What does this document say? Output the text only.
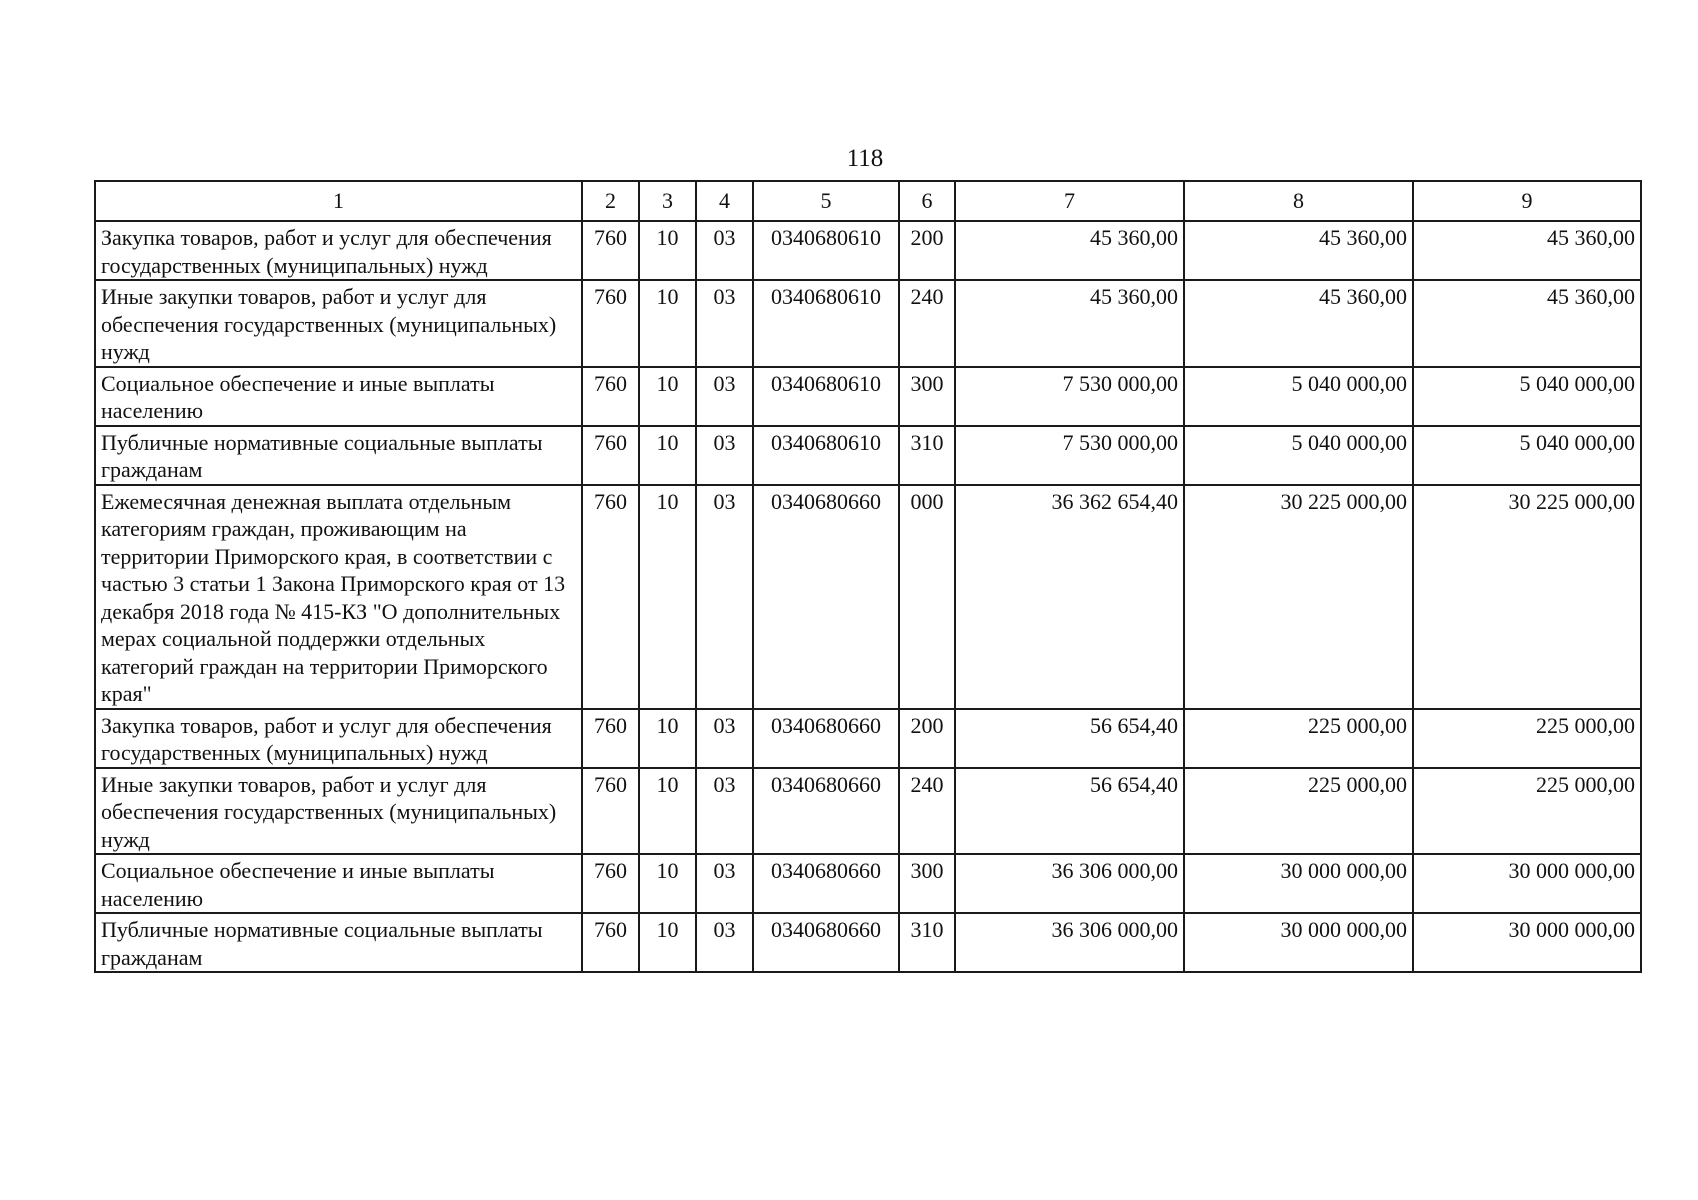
118
1	2	3	4	5	6	7	8	9
Закупка товаров, работ и услуг для обеспечения государственных (муниципальных) нужд	760	10	03	0340680610	200	45 360,00	45 360,00	45 360,00
Иные закупки товаров, работ и услуг для обеспечения государственных (муниципальных) нужд	760	10	03	0340680610	240	45 360,00	45 360,00	45 360,00
Социальное обеспечение и иные выплаты населению	760	10	03	0340680610	300	7 530 000,00	5 040 000,00	5 040 000,00
Публичные нормативные социальные выплаты гражданам	760	10	03	0340680610	310	7 530 000,00	5 040 000,00	5 040 000,00
Ежемесячная денежная выплата отдельным категориям граждан, проживающим на территории Приморского края, в соответствии с частью 3 статьи 1 Закона Приморского края от 13 декабря 2018 года № 415-КЗ "О дополнительных мерах социальной поддержки отдельных категорий граждан на территории Приморского края"	760	10	03	0340680660	000	36 362 654,40	30 225 000,00	30 225 000,00
Закупка товаров, работ и услуг для обеспечения государственных (муниципальных) нужд	760	10	03	0340680660	200	56 654,40	225 000,00	225 000,00
Иные закупки товаров, работ и услуг для обеспечения государственных (муниципальных) нужд	760	10	03	0340680660	240	56 654,40	225 000,00	225 000,00
Социальное обеспечение и иные выплаты населению	760	10	03	0340680660	300	36 306 000,00	30 000 000,00	30 000 000,00
Публичные нормативные социальные выплаты гражданам	760	10	03	0340680660	310	36 306 000,00	30 000 000,00	30 000 000,00
